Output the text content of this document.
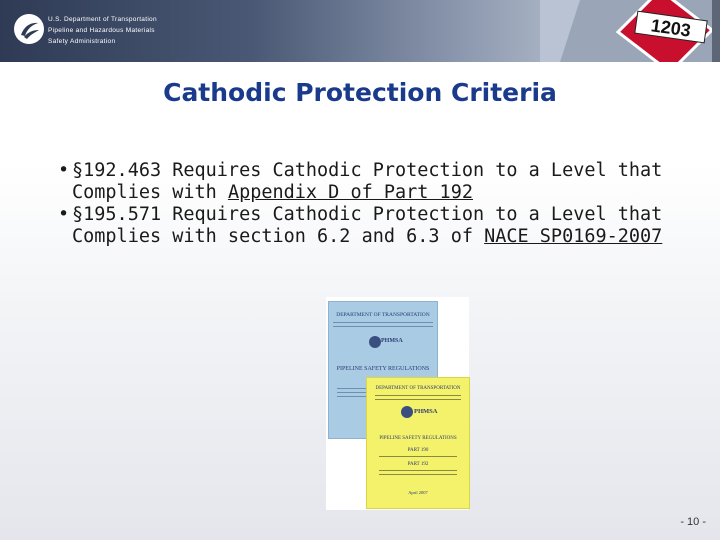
U.S. Department of Transportation
Pipeline and Hazardous Materials
Safety Administration
1203
Cathodic Protection Criteria
• §192.463 Requires Cathodic Protection to a Level that Complies with Appendix D of Part 192
• §195.571 Requires Cathodic Protection to a Level that Complies with section 6.2 and 6.3 of NACE SP0169-2007
DEPARTMENT OF TRANSPORTATION
PHMSA
PIPELINE SAFETY REGULATIONS
DEPARTMENT OF TRANSPORTATION
PHMSA
PIPELINE SAFETY REGULATIONS
PART 190
PART 192
April 2007
- 10 -
